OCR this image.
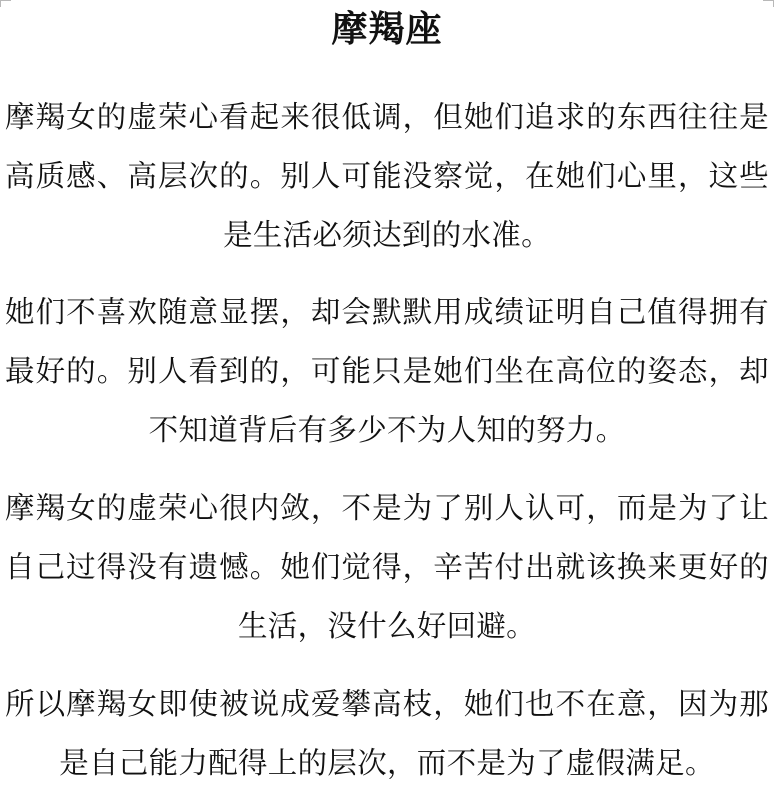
摩羯座
摩羯女的虚荣心看起来很低调，但她们追求的东西往往是高质感、高层次的。别人可能没察觉，在她们心里，这些是生活必须达到的水准。
她们不喜欢随意显摆，却会默默用成绩证明自己值得拥有最好的。别人看到的，可能只是她们坐在高位的姿态，却不知道背后有多少不为人知的努力。
摩羯女的虚荣心很内敛，不是为了别人认可，而是为了让自己过得没有遗憾。她们觉得，辛苦付出就该换来更好的生活，没什么好回避。
所以摩羯女即使被说成爱攀高枝，她们也不在意，因为那是自己能力配得上的层次，而不是为了虚假满足。
